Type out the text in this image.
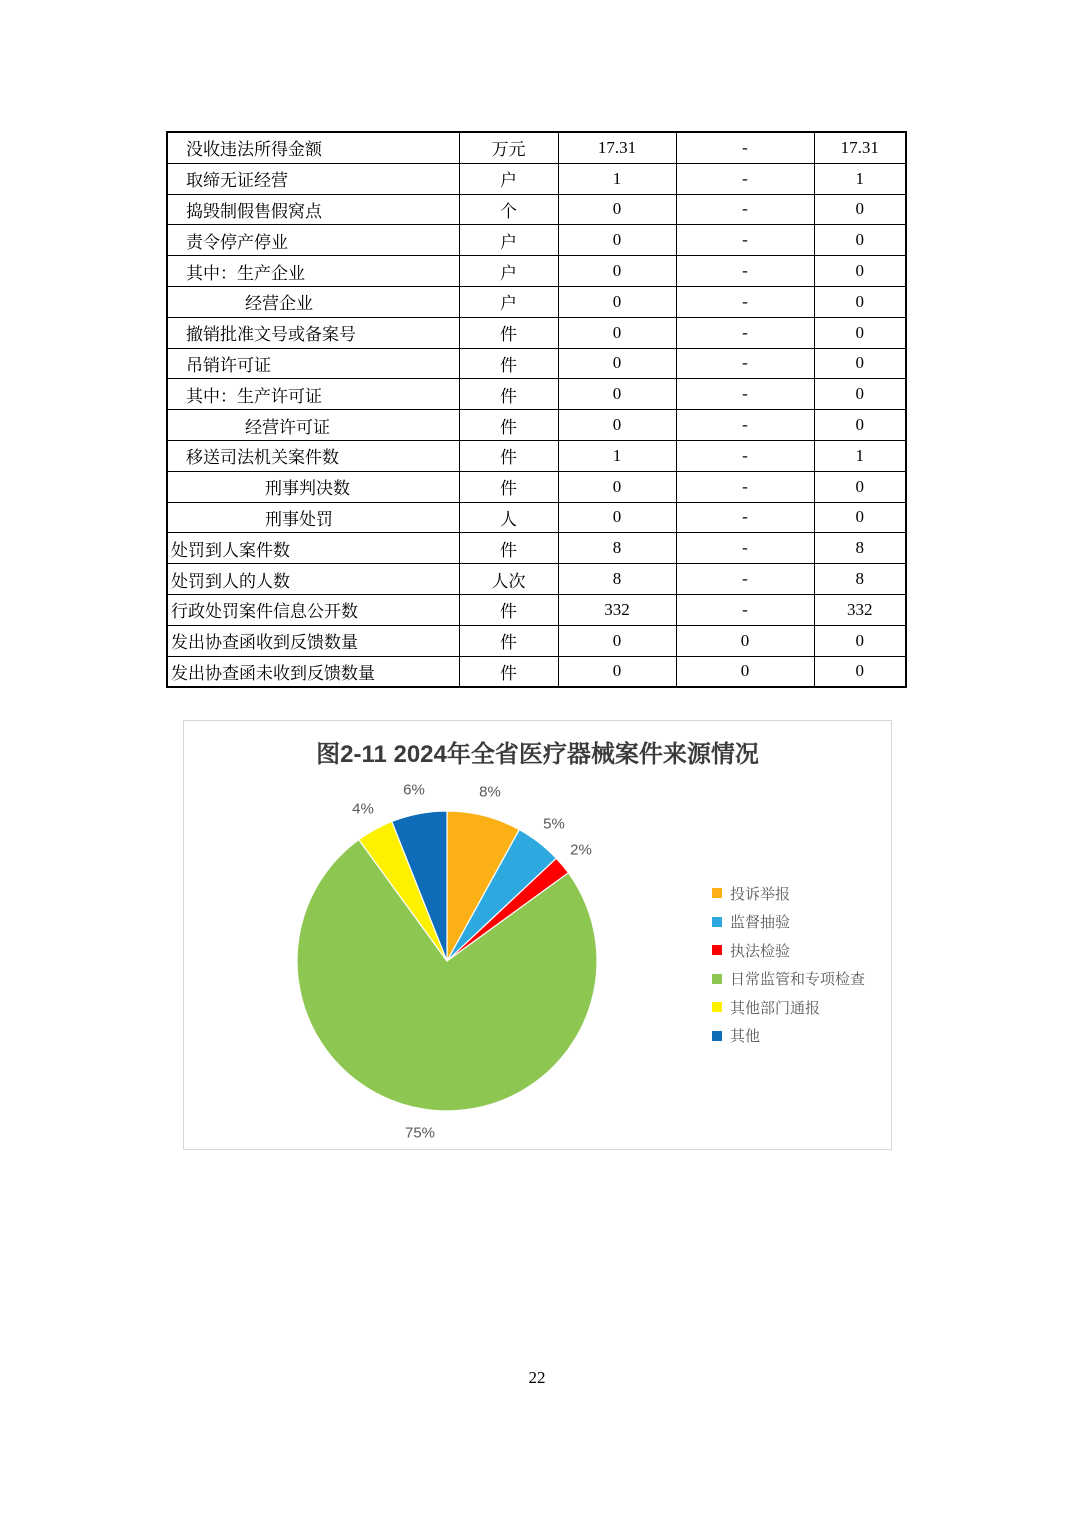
没收违法所得金额	万元	17.31	-	17.31
取缔无证经营	户	1	-	1
捣毁制假售假窝点	个	0	-	0
责令停产停业	户	0	-	0
其中：生产企业	户	0	-	0
经营企业	户	0	-	0
撤销批准文号或备案号	件	0	-	0
吊销许可证	件	0	-	0
其中：生产许可证	件	0	-	0
经营许可证	件	0	-	0
移送司法机关案件数	件	1	-	1
刑事判决数	件	0	-	0
刑事处罚	人	0	-	0
处罚到人案件数	件	8	-	8
处罚到人的人数	人次	8	-	8
行政处罚案件信息公开数	件	332	-	332
发出协查函收到反馈数量	件	0	0	0
发出协查函未收到反馈数量	件	0	0	0
图2-11 2024年全省医疗器械案件来源情况
投诉举报
监督抽验
执法检验
日常监管和专项检查
其他部门通报
其他
8%
5%
2%
75%
4%
6%
22
